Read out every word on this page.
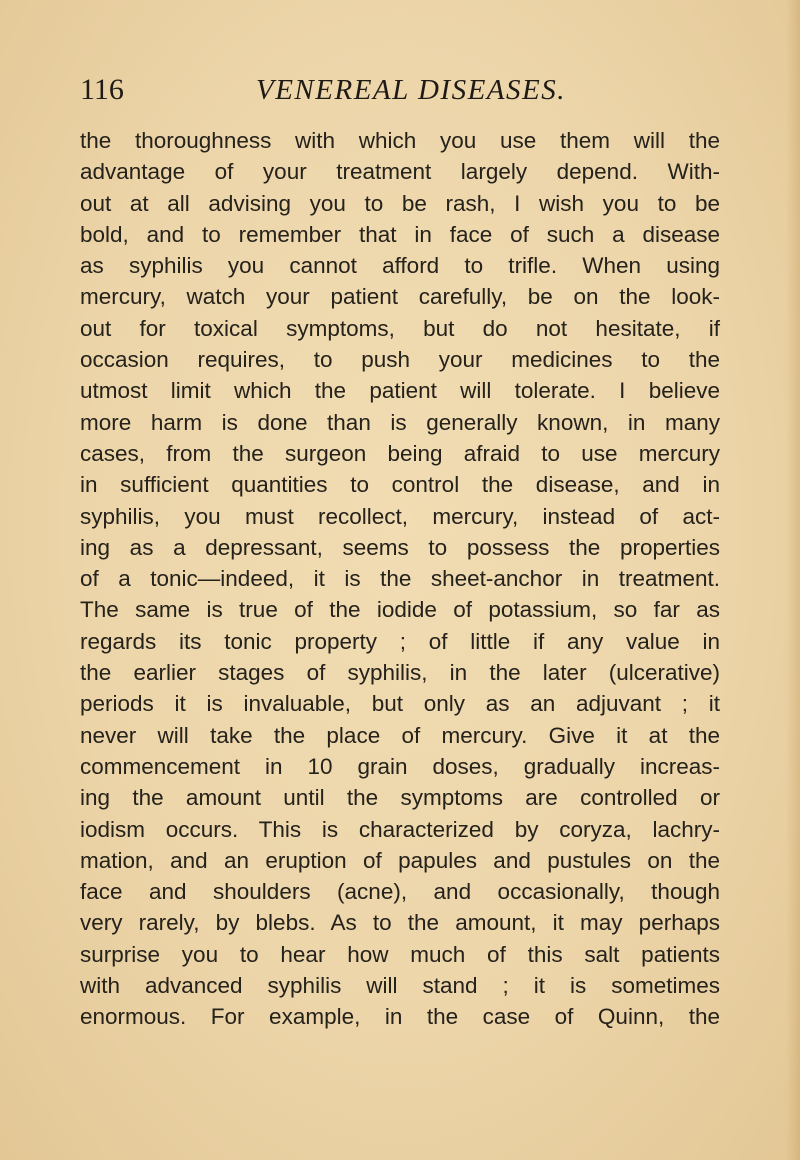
116	VENEREAL DISEASES.
the thoroughness with which you use them will the
advantage of your treatment largely depend. With-
out at all advising you to be rash, I wish you to be
bold, and to remember that in face of such a disease
as syphilis you cannot afford to trifle. When using
mercury, watch your patient carefully, be on the look-
out for toxical symptoms, but do not hesitate, if
occasion requires, to push your medicines to the
utmost limit which the patient will tolerate. I believe
more harm is done than is generally known, in many
cases, from the surgeon being afraid to use mercury
in sufficient quantities to control the disease, and in
syphilis, you must recollect, mercury, instead of act-
ing as a depressant, seems to possess the properties
of a tonic—indeed, it is the sheet-anchor in treatment.
The same is true of the iodide of potassium, so far as
regards its tonic property ; of little if any value in
the earlier stages of syphilis, in the later (ulcerative)
periods it is invaluable, but only as an adjuvant ; it
never will take the place of mercury. Give it at the
commencement in 10 grain doses, gradually increas-
ing the amount until the symptoms are controlled or
iodism occurs. This is characterized by coryza, lachry-
mation, and an eruption of papules and pustules on the
face and shoulders (acne), and occasionally, though
very rarely, by blebs. As to the amount, it may perhaps
surprise you to hear how much of this salt patients
with advanced syphilis will stand ; it is sometimes
enormous. For example, in the case of Quinn, the
